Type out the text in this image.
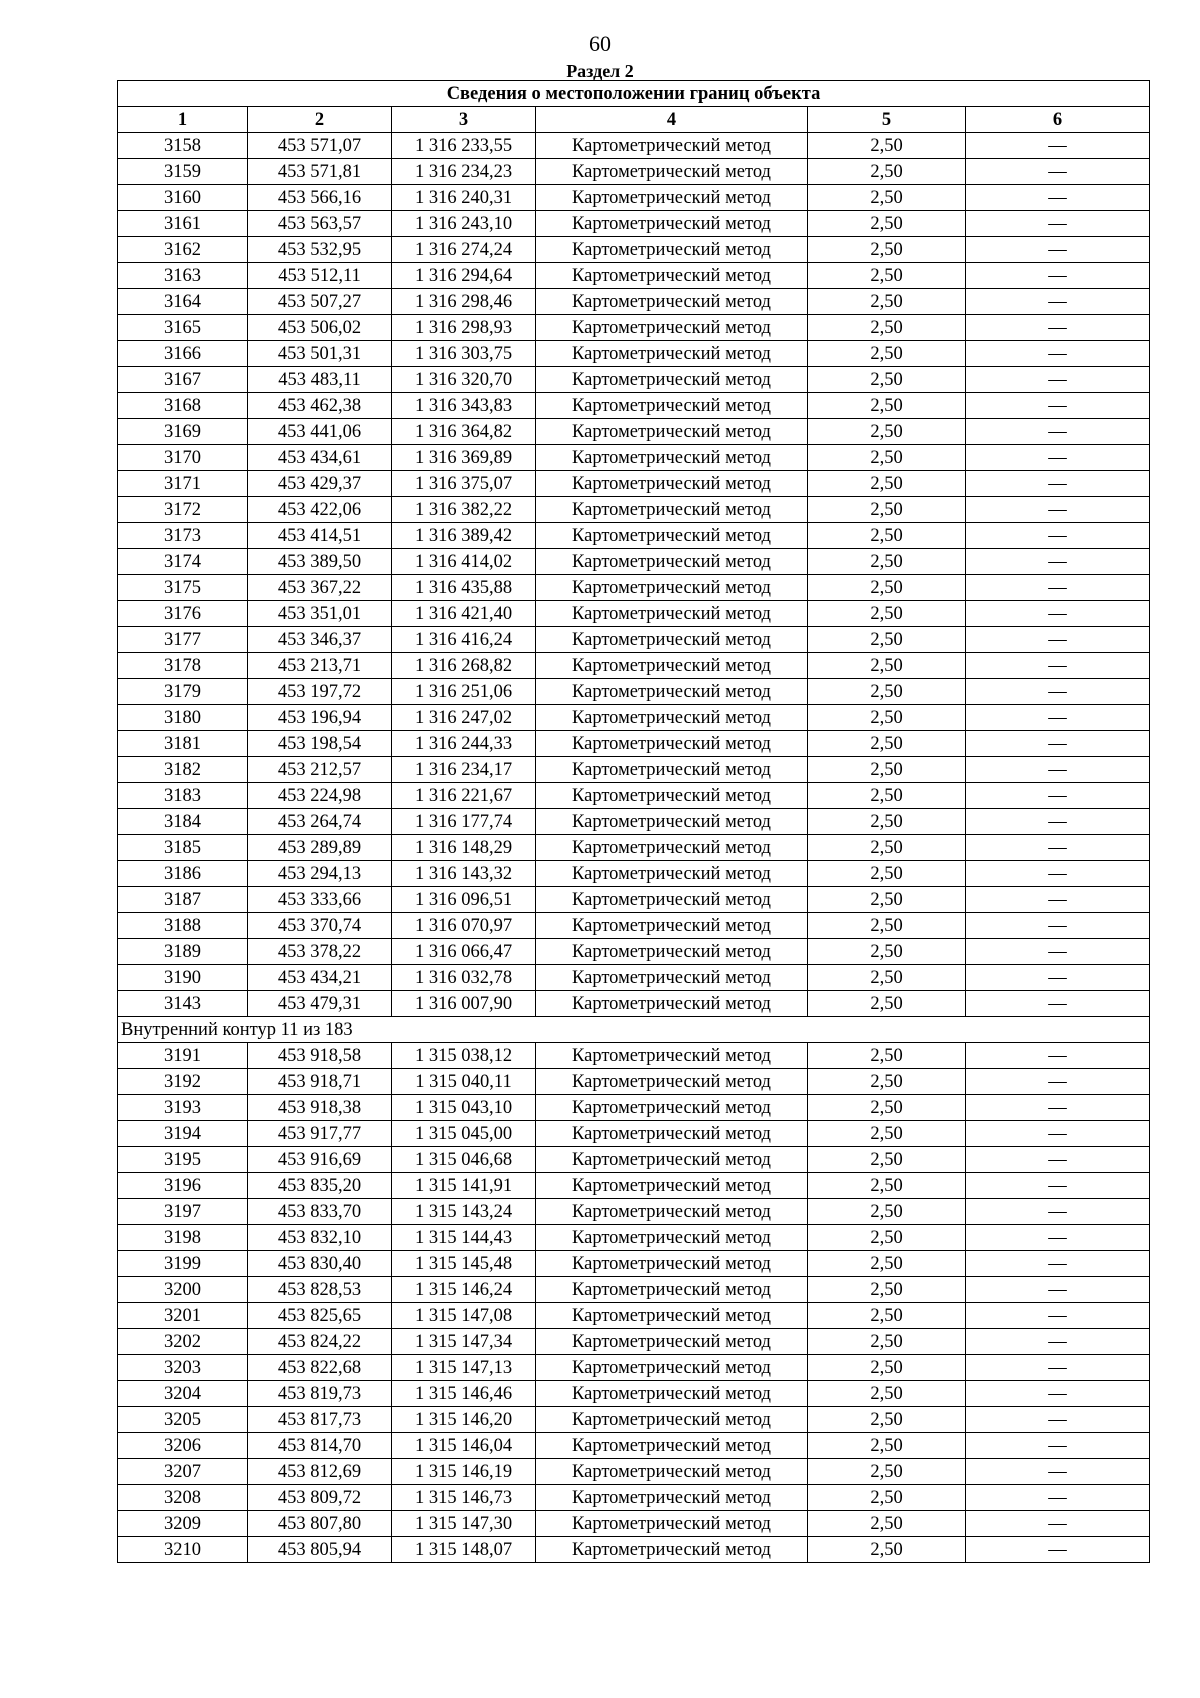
60
Раздел 2
Сведения о местоположении границ объекта					
1	2	3	4	5	6
3158	453 571,07	1 316 233,55	Картометрический метод	2,50	—
3159	453 571,81	1 316 234,23	Картометрический метод	2,50	—
3160	453 566,16	1 316 240,31	Картометрический метод	2,50	—
3161	453 563,57	1 316 243,10	Картометрический метод	2,50	—
3162	453 532,95	1 316 274,24	Картометрический метод	2,50	—
3163	453 512,11	1 316 294,64	Картометрический метод	2,50	—
3164	453 507,27	1 316 298,46	Картометрический метод	2,50	—
3165	453 506,02	1 316 298,93	Картометрический метод	2,50	—
3166	453 501,31	1 316 303,75	Картометрический метод	2,50	—
3167	453 483,11	1 316 320,70	Картометрический метод	2,50	—
3168	453 462,38	1 316 343,83	Картометрический метод	2,50	—
3169	453 441,06	1 316 364,82	Картометрический метод	2,50	—
3170	453 434,61	1 316 369,89	Картометрический метод	2,50	—
3171	453 429,37	1 316 375,07	Картометрический метод	2,50	—
3172	453 422,06	1 316 382,22	Картометрический метод	2,50	—
3173	453 414,51	1 316 389,42	Картометрический метод	2,50	—
3174	453 389,50	1 316 414,02	Картометрический метод	2,50	—
3175	453 367,22	1 316 435,88	Картометрический метод	2,50	—
3176	453 351,01	1 316 421,40	Картометрический метод	2,50	—
3177	453 346,37	1 316 416,24	Картометрический метод	2,50	—
3178	453 213,71	1 316 268,82	Картометрический метод	2,50	—
3179	453 197,72	1 316 251,06	Картометрический метод	2,50	—
3180	453 196,94	1 316 247,02	Картометрический метод	2,50	—
3181	453 198,54	1 316 244,33	Картометрический метод	2,50	—
3182	453 212,57	1 316 234,17	Картометрический метод	2,50	—
3183	453 224,98	1 316 221,67	Картометрический метод	2,50	—
3184	453 264,74	1 316 177,74	Картометрический метод	2,50	—
3185	453 289,89	1 316 148,29	Картометрический метод	2,50	—
3186	453 294,13	1 316 143,32	Картометрический метод	2,50	—
3187	453 333,66	1 316 096,51	Картометрический метод	2,50	—
3188	453 370,74	1 316 070,97	Картометрический метод	2,50	—
3189	453 378,22	1 316 066,47	Картометрический метод	2,50	—
3190	453 434,21	1 316 032,78	Картометрический метод	2,50	—
3143	453 479,31	1 316 007,90	Картометрический метод	2,50	—
Внутренний контур 11 из 183					
3191	453 918,58	1 315 038,12	Картометрический метод	2,50	—
3192	453 918,71	1 315 040,11	Картометрический метод	2,50	—
3193	453 918,38	1 315 043,10	Картометрический метод	2,50	—
3194	453 917,77	1 315 045,00	Картометрический метод	2,50	—
3195	453 916,69	1 315 046,68	Картометрический метод	2,50	—
3196	453 835,20	1 315 141,91	Картометрический метод	2,50	—
3197	453 833,70	1 315 143,24	Картометрический метод	2,50	—
3198	453 832,10	1 315 144,43	Картометрический метод	2,50	—
3199	453 830,40	1 315 145,48	Картометрический метод	2,50	—
3200	453 828,53	1 315 146,24	Картометрический метод	2,50	—
3201	453 825,65	1 315 147,08	Картометрический метод	2,50	—
3202	453 824,22	1 315 147,34	Картометрический метод	2,50	—
3203	453 822,68	1 315 147,13	Картометрический метод	2,50	—
3204	453 819,73	1 315 146,46	Картометрический метод	2,50	—
3205	453 817,73	1 315 146,20	Картометрический метод	2,50	—
3206	453 814,70	1 315 146,04	Картометрический метод	2,50	—
3207	453 812,69	1 315 146,19	Картометрический метод	2,50	—
3208	453 809,72	1 315 146,73	Картометрический метод	2,50	—
3209	453 807,80	1 315 147,30	Картометрический метод	2,50	—
3210	453 805,94	1 315 148,07	Картометрический метод	2,50	—
